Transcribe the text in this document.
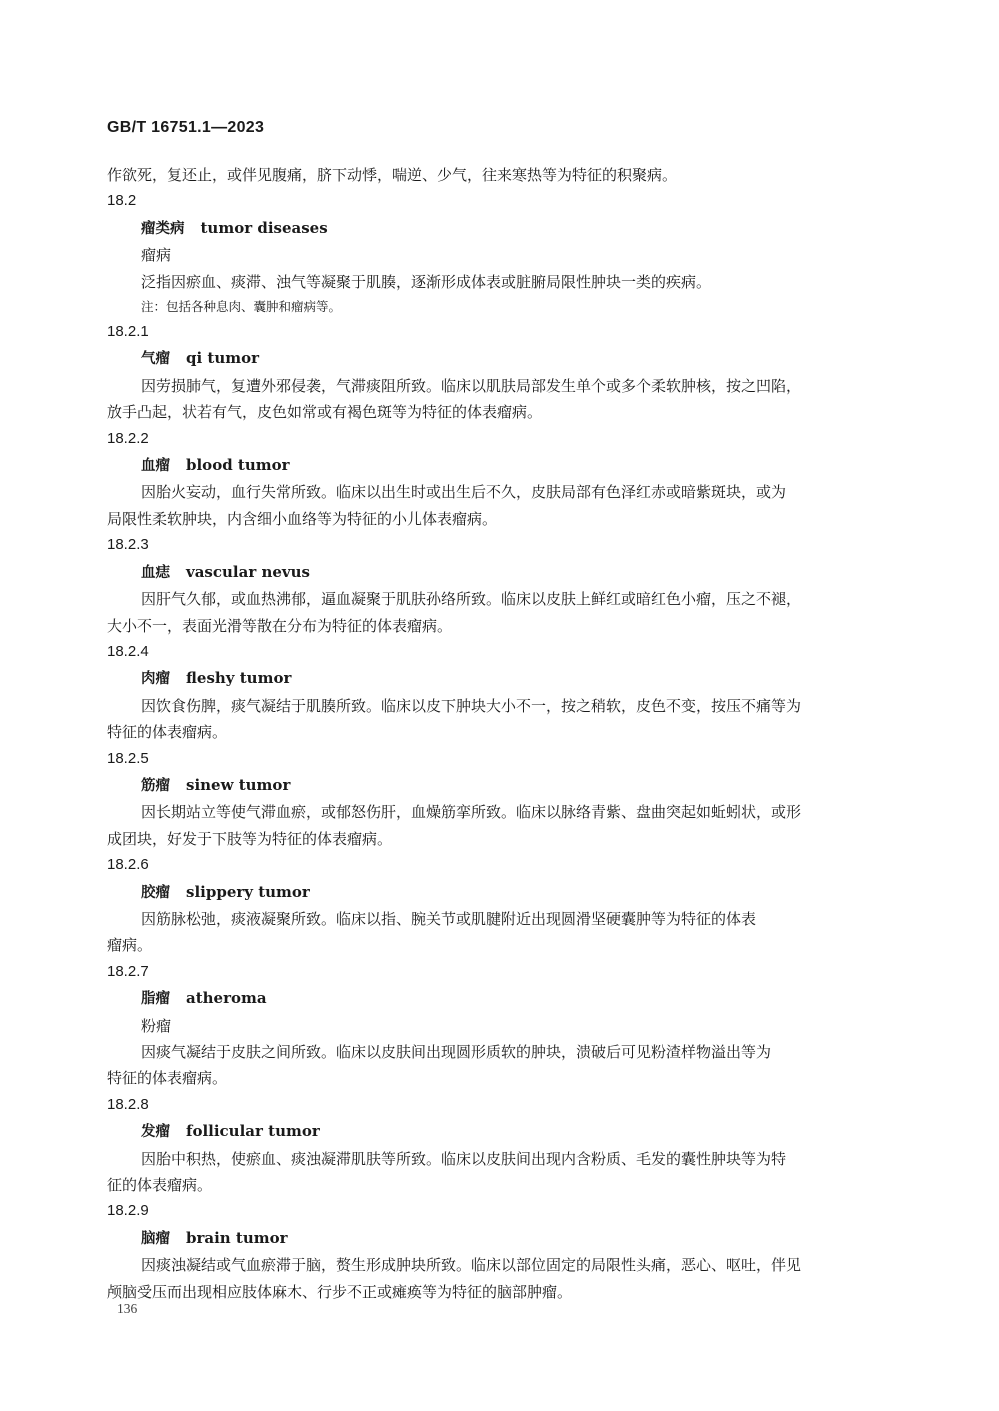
GB/T 16751.1—2023
作欲死，复还止，或伴见腹痛，脐下动悸，喘逆、少气，往来寒热等为特征的积聚病。
18.2
瘤类病 tumor diseases
瘤病
泛指因瘀血、痰滞、浊气等凝聚于肌腠，逐渐形成体表或脏腑局限性肿块一类的疾病。
注：包括各种息肉、囊肿和瘤病等。
18.2.1
气瘤 qi tumor
因劳损肺气，复遭外邪侵袭，气滞痰阻所致。临床以肌肤局部发生单个或多个柔软肿核，按之凹陷，
放手凸起，状若有气，皮色如常或有褐色斑等为特征的体表瘤病。
18.2.2
血瘤 blood tumor
因胎火妄动，血行失常所致。临床以出生时或出生后不久，皮肤局部有色泽红赤或暗紫斑块，或为
局限性柔软肿块，内含细小血络等为特征的小儿体表瘤病。
18.2.3
血痣 vascular nevus
因肝气久郁，或血热沸郁，逼血凝聚于肌肤孙络所致。临床以皮肤上鲜红或暗红色小瘤，压之不褪，
大小不一，表面光滑等散在分布为特征的体表瘤病。
18.2.4
肉瘤 fleshy tumor
因饮食伤脾，痰气凝结于肌腠所致。临床以皮下肿块大小不一，按之稍软，皮色不变，按压不痛等为
特征的体表瘤病。
18.2.5
筋瘤 sinew tumor
因长期站立等使气滞血瘀，或郁怒伤肝，血燥筋挛所致。临床以脉络青紫、盘曲突起如蚯蚓状，或形
成团块，好发于下肢等为特征的体表瘤病。
18.2.6
胶瘤 slippery tumor
因筋脉松弛，痰液凝聚所致。临床以指、腕关节或肌腱附近出现圆滑坚硬囊肿等为特征的体表
瘤病。
18.2.7
脂瘤 atheroma
粉瘤
因痰气凝结于皮肤之间所致。临床以皮肤间出现圆形质软的肿块，溃破后可见粉渣样物溢出等为
特征的体表瘤病。
18.2.8
发瘤 follicular tumor
因胎中积热，使瘀血、痰浊凝滞肌肤等所致。临床以皮肤间出现内含粉质、毛发的囊性肿块等为特
征的体表瘤病。
18.2.9
脑瘤 brain tumor
因痰浊凝结或气血瘀滞于脑，赘生形成肿块所致。临床以部位固定的局限性头痛，恶心、呕吐，伴见
颅脑受压而出现相应肢体麻木、行步不正或瘫痪等为特征的脑部肿瘤。
136
